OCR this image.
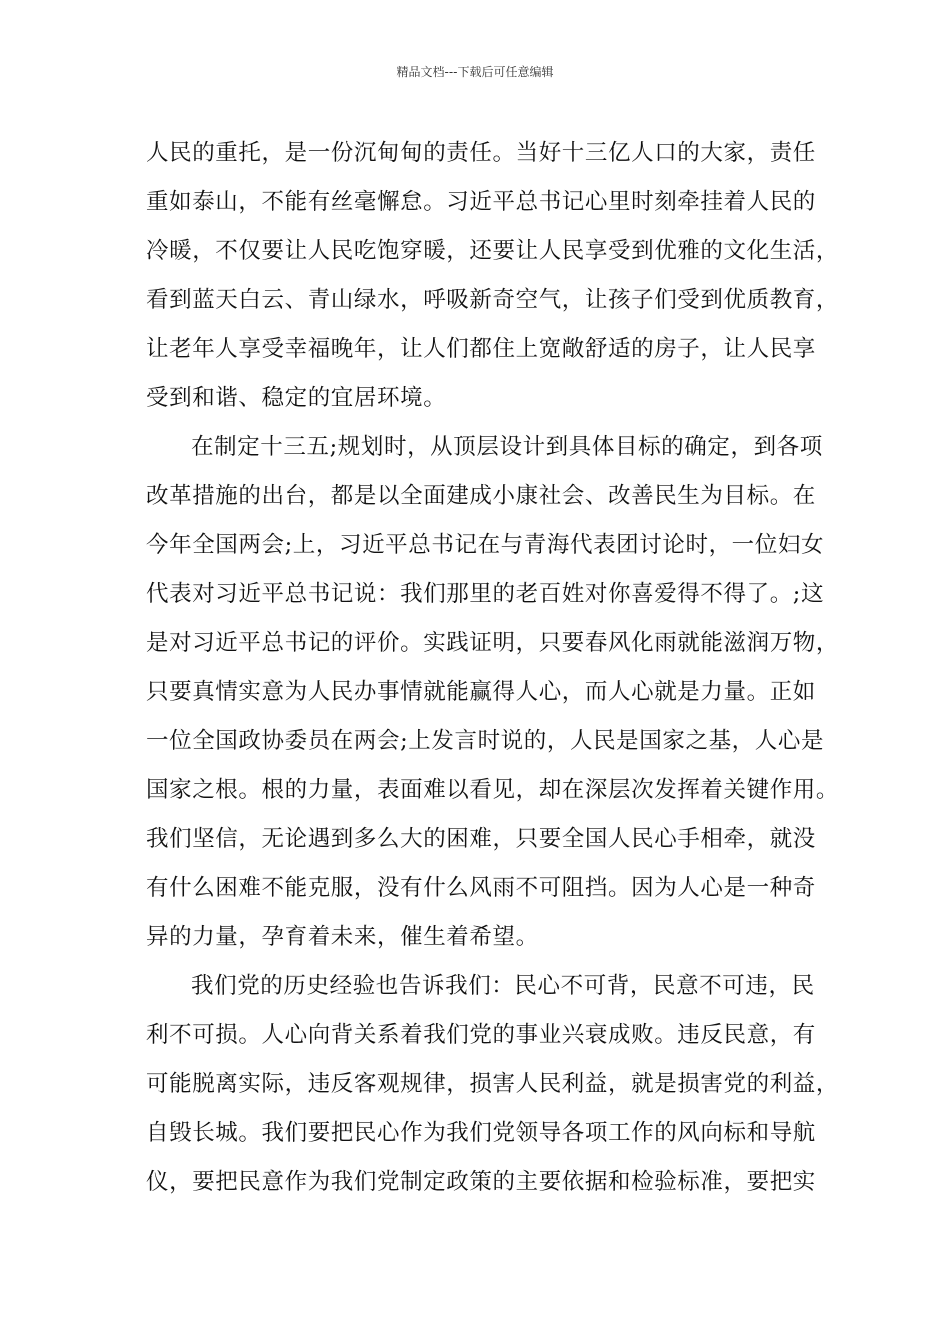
精品文档---下载后可任意编辑
人民的重托，是一份沉甸甸的责任。当好十三亿人口的大家，责任
重如泰山，不能有丝毫懈怠。习近平总书记心里时刻牵挂着人民的
冷暖，不仅要让人民吃饱穿暖，还要让人民享受到优雅的文化生活，
看到蓝天白云、青山绿水，呼吸新奇空气，让孩子们受到优质教育，
让老年人享受幸福晚年，让人们都住上宽敞舒适的房子，让人民享
受到和谐、稳定的宜居环境。
在制定十三五;规划时，从顶层设计到具体目标的确定，到各项
改革措施的出台，都是以全面建成小康社会、改善民生为目标。在
今年全国两会;上，习近平总书记在与青海代表团讨论时，一位妇女
代表对习近平总书记说：我们那里的老百姓对你喜爱得不得了。;这
是对习近平总书记的评价。实践证明，只要春风化雨就能滋润万物，
只要真情实意为人民办事情就能赢得人心，而人心就是力量。正如
一位全国政协委员在两会;上发言时说的，人民是国家之基，人心是
国家之根。根的力量，表面难以看见，却在深层次发挥着关键作用。
我们坚信，无论遇到多么大的困难，只要全国人民心手相牵，就没
有什么困难不能克服，没有什么风雨不可阻挡。因为人心是一种奇
异的力量，孕育着未来，催生着希望。
我们党的历史经验也告诉我们：民心不可背，民意不可违，民
利不可损。人心向背关系着我们党的事业兴衰成败。违反民意，有
可能脱离实际，违反客观规律，损害人民利益，就是损害党的利益，
自毁长城。我们要把民心作为我们党领导各项工作的风向标和导航
仪，要把民意作为我们党制定政策的主要依据和检验标准，要把实
